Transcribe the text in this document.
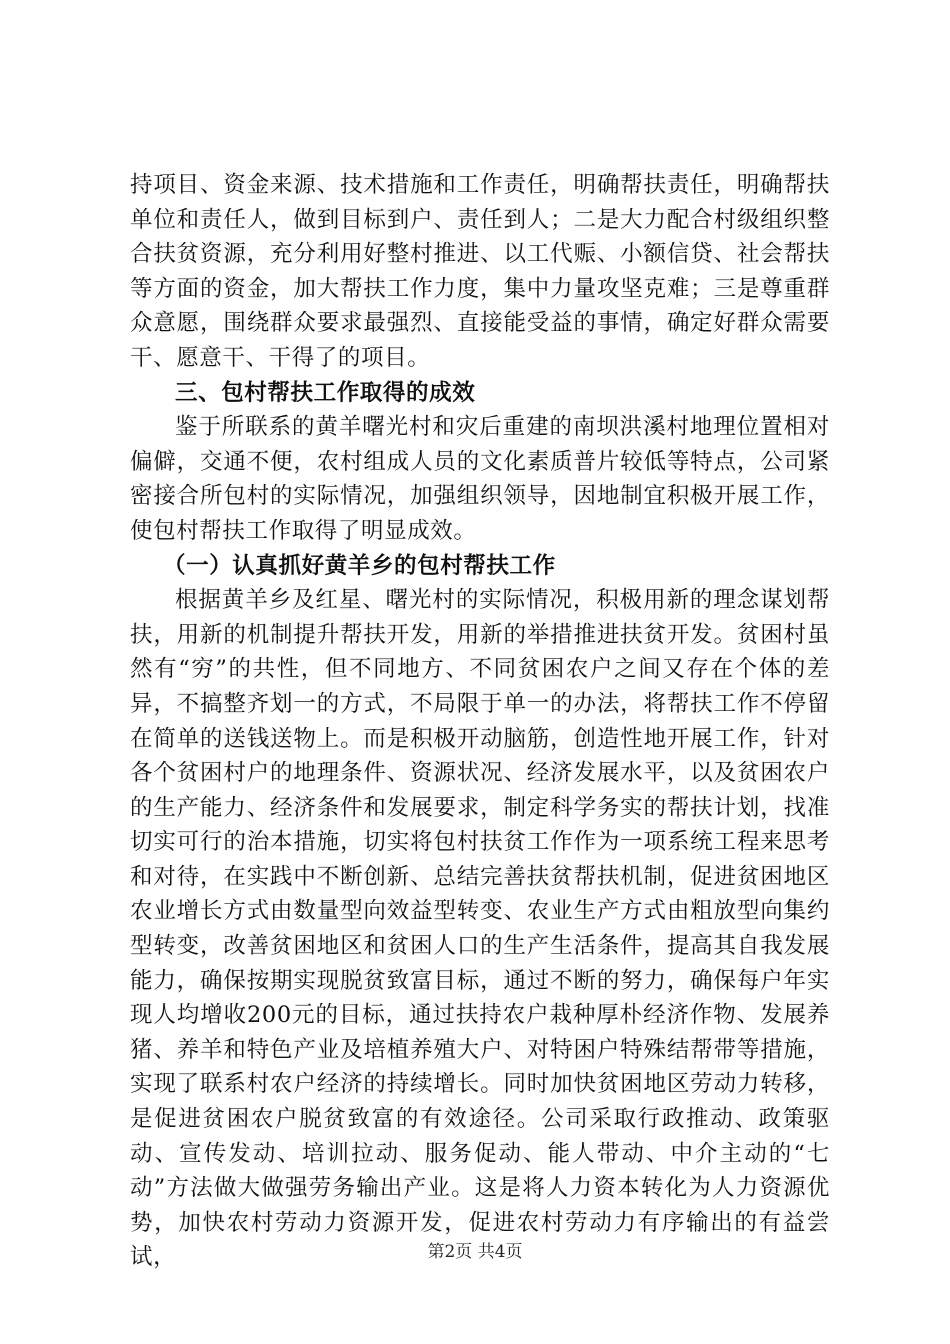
持项目、资金来源、技术措施和工作责任，明确帮扶责任，明确帮扶单位和责任人，做到目标到户、责任到人；二是大力配合村级组织整合扶贫资源，充分利用好整村推进、以工代赈、小额信贷、社会帮扶等方面的资金，加大帮扶工作力度，集中力量攻坚克难；三是尊重群众意愿，围绕群众要求最强烈、直接能受益的事情，确定好群众需要干、愿意干、干得了的项目。

三、包村帮扶工作取得的成效

鉴于所联系的黄羊曙光村和灾后重建的南坝洪溪村地理位置相对偏僻，交通不便，农村组成人员的文化素质普片较低等特点，公司紧密接合所包村的实际情况，加强组织领导，因地制宜积极开展工作，使包村帮扶工作取得了明显成效。

（一）认真抓好黄羊乡的包村帮扶工作

根据黄羊乡及红星、曙光村的实际情况，积极用新的理念谋划帮扶，用新的机制提升帮扶开发，用新的举措推进扶贫开发。贫困村虽然有“穷”的共性，但不同地方、不同贫困农户之间又存在个体的差异，不搞整齐划一的方式，不局限于单一的办法，将帮扶工作不停留在简单的送钱送物上。而是积极开动脑筋，创造性地开展工作，针对各个贫困村户的地理条件、资源状况、经济发展水平，以及贫困农户的生产能力、经济条件和发展要求，制定科学务实的帮扶计划，找准切实可行的治本措施，切实将包村扶贫工作作为一项系统工程来思考和对待，在实践中不断创新、总结完善扶贫帮扶机制，促进贫困地区农业增长方式由数量型向效益型转变、农业生产方式由粗放型向集约型转变，改善贫困地区和贫困人口的生产生活条件，提高其自我发展能力，确保按期实现脱贫致富目标，通过不断的努力，确保每户年实现人均增收200元的目标，通过扶持农户栽种厚朴经济作物、发展养猪、养羊和特色产业及培植养殖大户、对特困户特殊结帮带等措施，实现了联系村农户经济的持续增长。同时加快贫困地区劳动力转移，是促进贫困农户脱贫致富的有效途径。公司采取行政推动、政策驱动、宣传发动、培训拉动、服务促动、能人带动、中介主动的“七动”方法做大做强劳务输出产业。这是将人力资本转化为人力资源优势，加快农村劳动力资源开发，促进农村劳动力有序输出的有益尝试，	第2页 共4页
